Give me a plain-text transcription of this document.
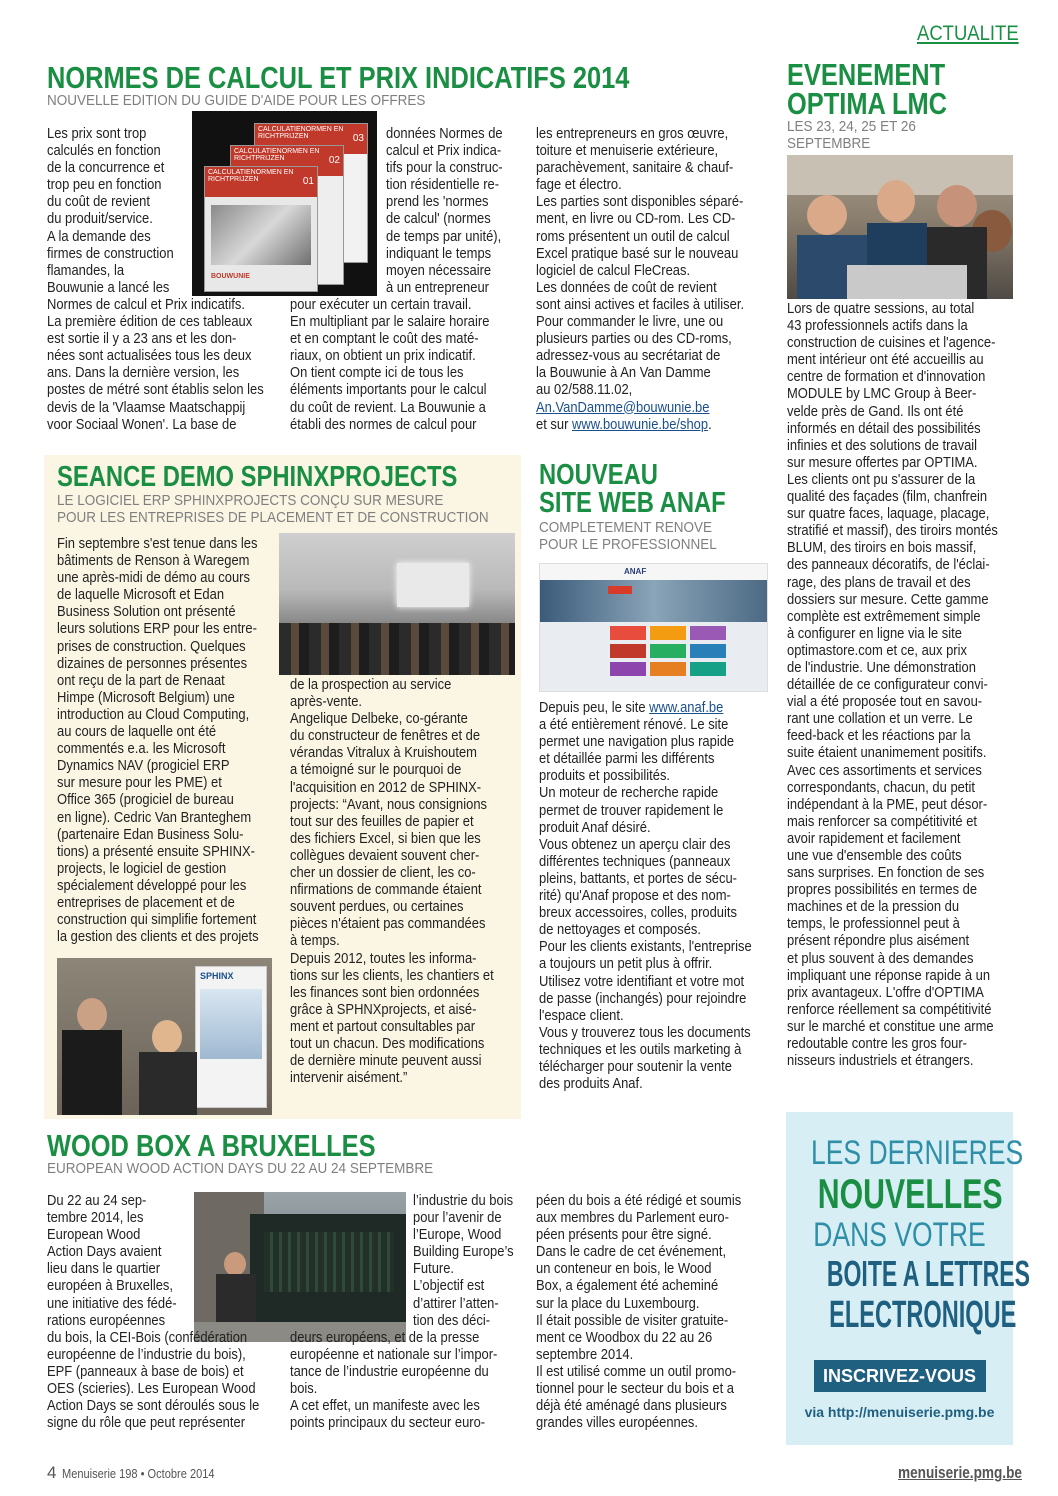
ACTUALITE
NORMES DE CALCUL ET PRIX INDICATIFS 2014
NOUVELLE EDITION DU GUIDE D'AIDE POUR LES OFFRES
CALCULATIENORMEN EN RICHTPRIJZEN	03
CALCULATIENORMEN EN RICHTPRIJZEN	02
CALCULATIENORMEN EN RICHTPRIJZEN	01
BOUWUNIE
Les prix sont trop
calculés en fonction
de la concurrence et
trop peu en fonction
du coût de revient
du produit/service.
A la demande des
firmes de construction
flamandes, la
Bouwunie a lancé les
Normes de calcul et Prix indicatifs.
La première édition de ces tableaux
est sortie il y a 23 ans et les don-
nées sont actualisées tous les deux
ans. Dans la dernière version, les
postes de métré sont établis selon les
devis de la 'Vlaamse Maatschappij
voor Sociaal Wonen'. La base de
données Normes de
calcul et Prix indica-
tifs pour la construc-
tion résidentielle re-
prend les 'normes
de calcul' (normes
de temps par unité),
indiquant le temps
moyen nécessaire
à un entrepreneur
pour exécuter un certain travail.
En multipliant par le salaire horaire
et en comptant le coût des maté-
riaux, on obtient un prix indicatif.
On tient compte ici de tous les
éléments importants pour le calcul
du coût de revient. La Bouwunie a
établi des normes de calcul pour
les entrepreneurs en gros œuvre,
toiture et menuiserie extérieure,
parachèvement, sanitaire & chauf-
fage et électro.
Les parties sont disponibles séparé-
ment, en livre ou CD-rom. Les CD-
roms présentent un outil de calcul
Excel pratique basé sur le nouveau
logiciel de calcul FleCreas.
Les données de coût de revient
sont ainsi actives et faciles à utiliser.
Pour commander le livre, une ou
plusieurs parties ou des CD-roms,
adressez-vous au secrétariat de
la Bouwunie à An Van Damme
au 02/588.11.02,
An.VanDamme@bouwunie.be
et sur www.bouwunie.be/shop.
EVENEMENT
OPTIMA LMC
LES 23, 24, 25 ET 26
SEPTEMBRE
Lors de quatre sessions, au total
43 professionnels actifs dans la
construction de cuisines et l'agence-
ment intérieur ont été accueillis au
centre de formation et d'innovation
MODULE by LMC Group à Beer-
velde près de Gand. Ils ont été
informés en détail des possibilités
infinies et des solutions de travail
sur mesure offertes par OPTIMA.
Les clients ont pu s'assurer de la
qualité des façades (film, chanfrein
sur quatre faces, laquage, placage,
stratifié et massif), des tiroirs montés
BLUM, des tiroirs en bois massif,
des panneaux décoratifs, de l'éclai-
rage, des plans de travail et des
dossiers sur mesure. Cette gamme
complète est extrêmement simple
à configurer en ligne via le site
optimastore.com et ce, aux prix
de l'industrie. Une démonstration
détaillée de ce configurateur convi-
vial a été proposée tout en savou-
rant une collation et un verre. Le
feed-back et les réactions par la
suite étaient unanimement positifs.
Avec ces assortiments et services
correspondants, chacun, du petit
indépendant à la PME, peut désor-
mais renforcer sa compétitivité et
avoir rapidement et facilement
une vue d'ensemble des coûts
sans surprises. En fonction de ses
propres possibilités en termes de
machines et de la pression du
temps, le professionnel peut à
présent répondre plus aisément
et plus souvent à des demandes
impliquant une réponse rapide à un
prix avantageux. L'offre d'OPTIMA
renforce réellement sa compétitivité
sur le marché et constitue une arme
redoutable contre les gros four-
nisseurs industriels et étrangers.
SEANCE DEMO SPHINXPROJECTS
LE LOGICIEL ERP SPHINXPROJECTS CONÇU SUR MESURE
POUR LES ENTREPRISES DE PLACEMENT ET DE CONSTRUCTION
SPHINX
Fin septembre s'est tenue dans les
bâtiments de Renson à Waregem
une après-midi de démo au cours
de laquelle Microsoft et Edan
Business Solution ont présenté
leurs solutions ERP pour les entre-
prises de construction. Quelques
dizaines de personnes présentes
ont reçu de la part de Renaat
Himpe (Microsoft Belgium) une
introduction au Cloud Computing,
au cours de laquelle ont été
commentés e.a. les Microsoft
Dynamics NAV (progiciel ERP
sur mesure pour les PME) et
Office 365 (progiciel de bureau
en ligne). Cedric Van Branteghem
(partenaire Edan Business Solu-
tions) a présenté ensuite SPHINX-
projects, le logiciel de gestion
spécialement développé pour les
entreprises de placement et de
construction qui simplifie fortement
la gestion des clients et des projets
de la prospection au service
après-vente.
Angelique Delbeke, co-gérante
du constructeur de fenêtres et de
vérandas Vitralux à Kruishoutem
a témoigné sur le pourquoi de
l'acquisition en 2012 de SPHINX-
projects: “Avant, nous consignions
tout sur des feuilles de papier et
des fichiers Excel, si bien que les
collègues devaient souvent cher-
cher un dossier de client, les co-
nfirmations de commande étaient
souvent perdues, ou certaines
pièces n'étaient pas commandées
à temps.
Depuis 2012, toutes les informa-
tions sur les clients, les chantiers et
les finances sont bien ordonnées
grâce à SPHNXprojects, et aisé-
ment et partout consultables par
tout un chacun. Des modifications
de dernière minute peuvent aussi
intervenir aisément.”
NOUVEAU
SITE WEB ANAF
COMPLETEMENT RENOVE
POUR LE PROFESSIONNEL
ANAF
Depuis peu, le site www.anaf.be
a été entièrement rénové. Le site
permet une navigation plus rapide
et détaillée parmi les différents
produits et possibilités.
Un moteur de recherche rapide
permet de trouver rapidement le
produit Anaf désiré.
Vous obtenez un aperçu clair des
différentes techniques (panneaux
pleins, battants, et portes de sécu-
rité) qu'Anaf propose et des nom-
breux accessoires, colles, produits
de nettoyages et composés.
Pour les clients existants, l'entreprise
a toujours un petit plus à offrir.
Utilisez votre identifiant et votre mot
de passe (inchangés) pour rejoindre
l'espace client.
Vous y trouverez tous les documents
techniques et les outils marketing à
télécharger pour soutenir la vente
des produits Anaf.
WOOD BOX A BRUXELLES
EUROPEAN WOOD ACTION DAYS DU 22 AU 24 SEPTEMBRE
Du 22 au 24 sep-
tembre 2014, les
European Wood
Action Days avaient
lieu dans le quartier
européen à Bruxelles,
une initiative des fédé-
rations européennes
du bois, la CEI-Bois (confédération
européenne de l’industrie du bois),
EPF (panneaux à base de bois) et
OES (scieries). Les European Wood
Action Days se sont déroulés sous le
signe du rôle que peut représenter
l’industrie du bois
pour l’avenir de
l’Europe, Wood
Building Europe’s
Future.
L’objectif est
d’attirer l’atten-
tion des déci-
deurs européens, et de la presse
européenne et nationale sur l’impor-
tance de l’industrie européenne du
bois.
A cet effet, un manifeste avec les
points principaux du secteur euro-
péen du bois a été rédigé et soumis
aux membres du Parlement euro-
péen présents pour être signé.
Dans le cadre de cet événement,
un conteneur en bois, le Wood
Box, a également été acheminé
sur la place du Luxembourg.
Il était possible de visiter gratuite-
ment ce Woodbox du 22 au 26
septembre 2014.
Il est utilisé comme un outil promo-
tionnel pour le secteur du bois et a
déjà été aménagé dans plusieurs
grandes villes européennes.
LES DERNIERES
NOUVELLES
DANS VOTRE
BOITE A LETTRES
ELECTRONIQUE
INSCRIVEZ-VOUS
via http://menuiserie.pmg.be
4 Menuiserie 198 • Octobre 2014	menuiserie.pmg.be
